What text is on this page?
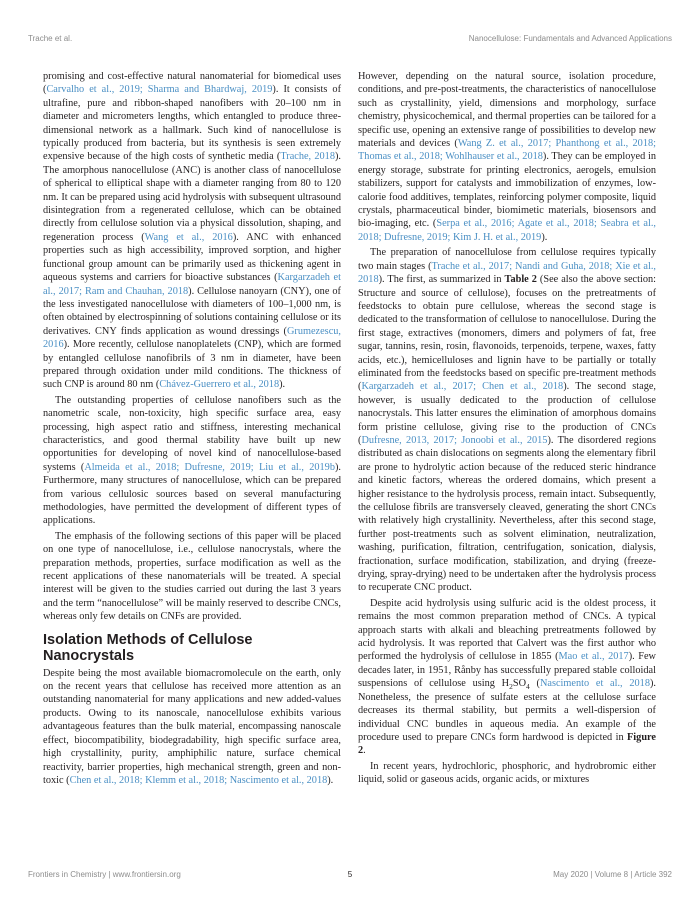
Trache et al.	Nanocellulose: Fundamentals and Advanced Applications

promising and cost-effective natural nanomaterial for biomedical uses (Carvalho et al., 2019; Sharma and Bhardwaj, 2019). It consists of ultrafine, pure and ribbon-shaped nanofibers with 20–100 nm in diameter and micrometers lengths, which entangled to produce three-dimensional network as a hallmark. Such kind of nanocellulose is typically produced from bacteria, but its synthesis is seen extremely expensive because of the high costs of synthetic media (Trache, 2018). The amorphous nanocellulose (ANC) is another class of nanocellulose of spherical to elliptical shape with a diameter ranging from 80 to 120 nm. It can be prepared using acid hydrolysis with subsequent ultrasound disintegration from a regenerated cellulose, which can be obtained directly from cellulose solution via a physical dissolution, shaping, and regeneration process (Wang et al., 2016). ANC with enhanced properties such as high accessibility, improved sorption, and higher functional group amount can be primarily used as thickening agent in aqueous systems and carriers for bioactive substances (Kargarzadeh et al., 2017; Ram and Chauhan, 2018). Cellulose nanoyarn (CNY), one of the less investigated nanocellulose with diameters of 100–1,000 nm, is often obtained by electrospinning of solutions containing cellulose or its derivatives. CNY finds application as wound dressings (Grumezescu, 2016). More recently, cellulose nanoplatelets (CNP), which are formed by entangled cellulose nanofibrils of 3 nm in diameter, have been prepared through oxidation under mild conditions. The thickness of such CNP is around 80 nm (Chávez-Guerrero et al., 2018).

The outstanding properties of cellulose nanofibers such as the nanometric scale, non-toxicity, high specific surface area, easy processing, high aspect ratio and stiffness, interesting mechanical characteristics, and good thermal stability have built up new opportunities for developing of novel kind of nanocellulose-based systems (Almeida et al., 2018; Dufresne, 2019; Liu et al., 2019b). Furthermore, many structures of nanocellulose, which can be prepared from various cellulosic sources based on several manufacturing methodologies, have permitted the development of different types of applications.

The emphasis of the following sections of this paper will be placed on one type of nanocellulose, i.e., cellulose nanocrystals, where the preparation methods, properties, surface modification as well as the recent applications of these nanomaterials will be treated. A special interest will be given to the studies carried out during the last 3 years and the term “nanocellulose” will be mainly reserved to describe CNCs, whereas only few details on CNFs are provided.

Isolation Methods of Cellulose Nanocrystals

Despite being the most available biomacromolecule on the earth, only on the recent years that cellulose has received more attention as an outstanding nanomaterial for many applications and new added-values products. Owing to its nanoscale, nanocellulose exhibits various advantageous features than the bulk material, encompassing nanoscale effect, biocompatibility, biodegradability, high specific surface area, high crystallinity, purity, amphiphilic nature, surface chemical reactivity, barrier properties, high mechanical strength, green and non-toxic (Chen et al., 2018; Klemm et al., 2018; Nascimento et al., 2018).

However, depending on the natural source, isolation procedure, conditions, and pre-post-treatments, the characteristics of nanocellulose such as crystallinity, yield, dimensions and morphology, surface chemistry, physicochemical, and thermal properties can be tailored for a specific use, opening an extensive range of possibilities to develop new materials and devices (Wang Z. et al., 2017; Phanthong et al., 2018; Thomas et al., 2018; Wohlhauser et al., 2018). They can be employed in energy storage, substrate for printing electronics, aerogels, emulsion stabilizers, support for catalysts and immobilization of enzymes, low-calorie food additives, templates, reinforcing polymer composite, liquid crystals, pharmaceutical binder, biomimetic materials, biosensors and bio-imaging, etc. (Serpa et al., 2016; Agate et al., 2018; Seabra et al., 2018; Dufresne, 2019; Kim J. H. et al., 2019).

The preparation of nanocellulose from cellulose requires typically two main stages (Trache et al., 2017; Nandi and Guha, 2018; Xie et al., 2018). The first, as summarized in Table 2 (See also the above section: Structure and source of cellulose), focuses on the pretreatments of feedstocks to obtain pure cellulose, whereas the second stage is dedicated to the transformation of cellulose to nanocellulose. During the first stage, extractives (monomers, dimers and polymers of fat, free sugar, tannins, resin, rosin, flavonoids, terpenoids, terpene, waxes, fatty acids, etc.), hemicelluloses and lignin have to be partially or totally eliminated from the feedstocks based on specific pre-treatment methods (Kargarzadeh et al., 2017; Chen et al., 2018). The second stage, however, is usually dedicated to the production of cellulose nanocrystals. This latter ensures the elimination of amorphous domains form pristine cellulose, giving rise to the production of CNCs (Dufresne, 2013, 2017; Jonoobi et al., 2015). The disordered regions distributed as chain dislocations on segments along the elementary fibril are prone to hydrolytic action because of the reduced steric hindrance and kinetic factors, whereas the ordered domains, which present a higher resistance to the hydrolysis process, remain intact. Subsequently, the cellulose fibrils are transversely cleaved, generating the short CNCs with relatively high crystallinity. Nevertheless, after this second stage, further post-treatments such as solvent elimination, neutralization, washing, purification, filtration, centrifugation, sonication, dialysis, fractionation, surface modification, stabilization, and drying (freeze-drying, spray-drying) need to be undertaken after the hydrolysis process to recuperate CNC product.

Despite acid hydrolysis using sulfuric acid is the oldest process, it remains the most common preparation method of CNCs. A typical approach starts with alkali and bleaching pretreatments followed by acid hydrolysis. It was reported that Calvert was the first author who performed the hydrolysis of cellulose in 1855 (Mao et al., 2017). Few decades later, in 1951, Rånby has successfully prepared stable colloidal suspensions of cellulose using $H_2SO_4$ (Nascimento et al., 2018). Nonetheless, the presence of sulfate esters at the cellulose surface decreases its thermal stability, but permits a well-dispersion of individual CNC bundles in aqueous media. An example of the procedure used to prepare CNCs form hardwood is depicted in Figure 2.

In recent years, hydrochloric, phosphoric, and hydrobromic either liquid, solid or gaseous acids, organic acids, or mixtures

Frontiers in Chemistry | www.frontiersin.org	5	May 2020 | Volume 8 | Article 392
